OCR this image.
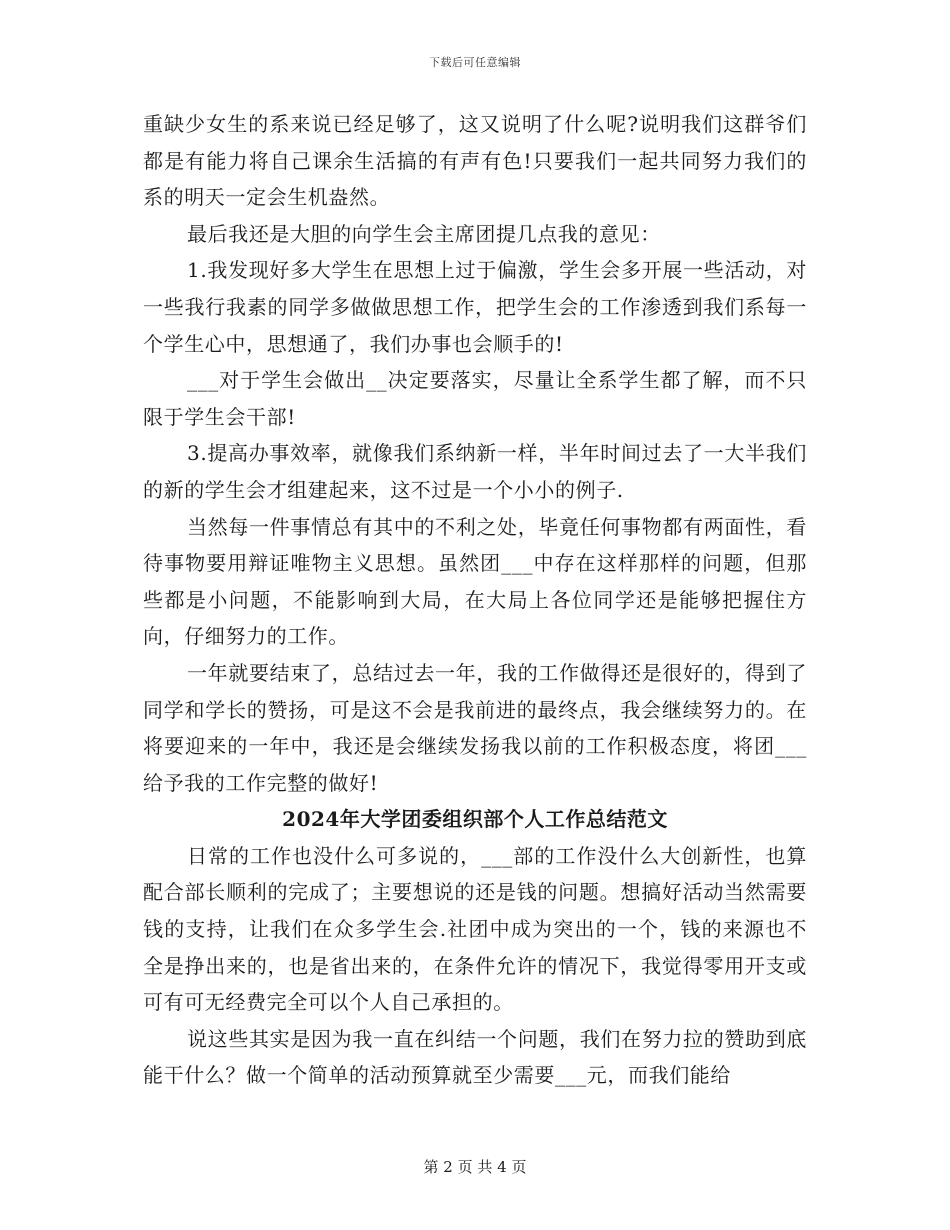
下载后可任意编辑

重缺少女生的系来说已经足够了，这又说明了什么呢?说明我们这群爷们都是有能力将自己课余生活搞的有声有色!只要我们一起共同努力我们的系的明天一定会生机盎然。

最后我还是大胆的向学生会主席团提几点我的意见：

1.我发现好多大学生在思想上过于偏激，学生会多开展一些活动，对一些我行我素的同学多做做思想工作，把学生会的工作渗透到我们系每一个学生心中，思想通了，我们办事也会顺手的!

___对于学生会做出__决定要落实，尽量让全系学生都了解，而不只限于学生会干部!

3.提高办事效率，就像我们系纳新一样，半年时间过去了一大半我们的新的学生会才组建起来，这不过是一个小小的例子.

当然每一件事情总有其中的不利之处，毕竟任何事物都有两面性，看待事物要用辩证唯物主义思想。虽然团___中存在这样那样的问题，但那些都是小问题，不能影响到大局，在大局上各位同学还是能够把握住方向，仔细努力的工作。

一年就要结束了，总结过去一年，我的工作做得还是很好的，得到了同学和学长的赞扬，可是这不会是我前进的最终点，我会继续努力的。在将要迎来的一年中，我还是会继续发扬我以前的工作积极态度，将团___给予我的工作完整的做好!

2024年大学团委组织部个人工作总结范文

日常的工作也没什么可多说的，___部的工作没什么大创新性，也算配合部长顺利的完成了；主要想说的还是钱的问题。想搞好活动当然需要钱的支持，让我们在众多学生会.社团中成为突出的一个，钱的来源也不全是挣出来的，也是省出来的，在条件允许的情况下，我觉得零用开支或可有可无经费完全可以个人自己承担的。

说这些其实是因为我一直在纠结一个问题，我们在努力拉的赞助到底能干什么？做一个简单的活动预算就至少需要___元，而我们能给

第 2 页 共 4 页
